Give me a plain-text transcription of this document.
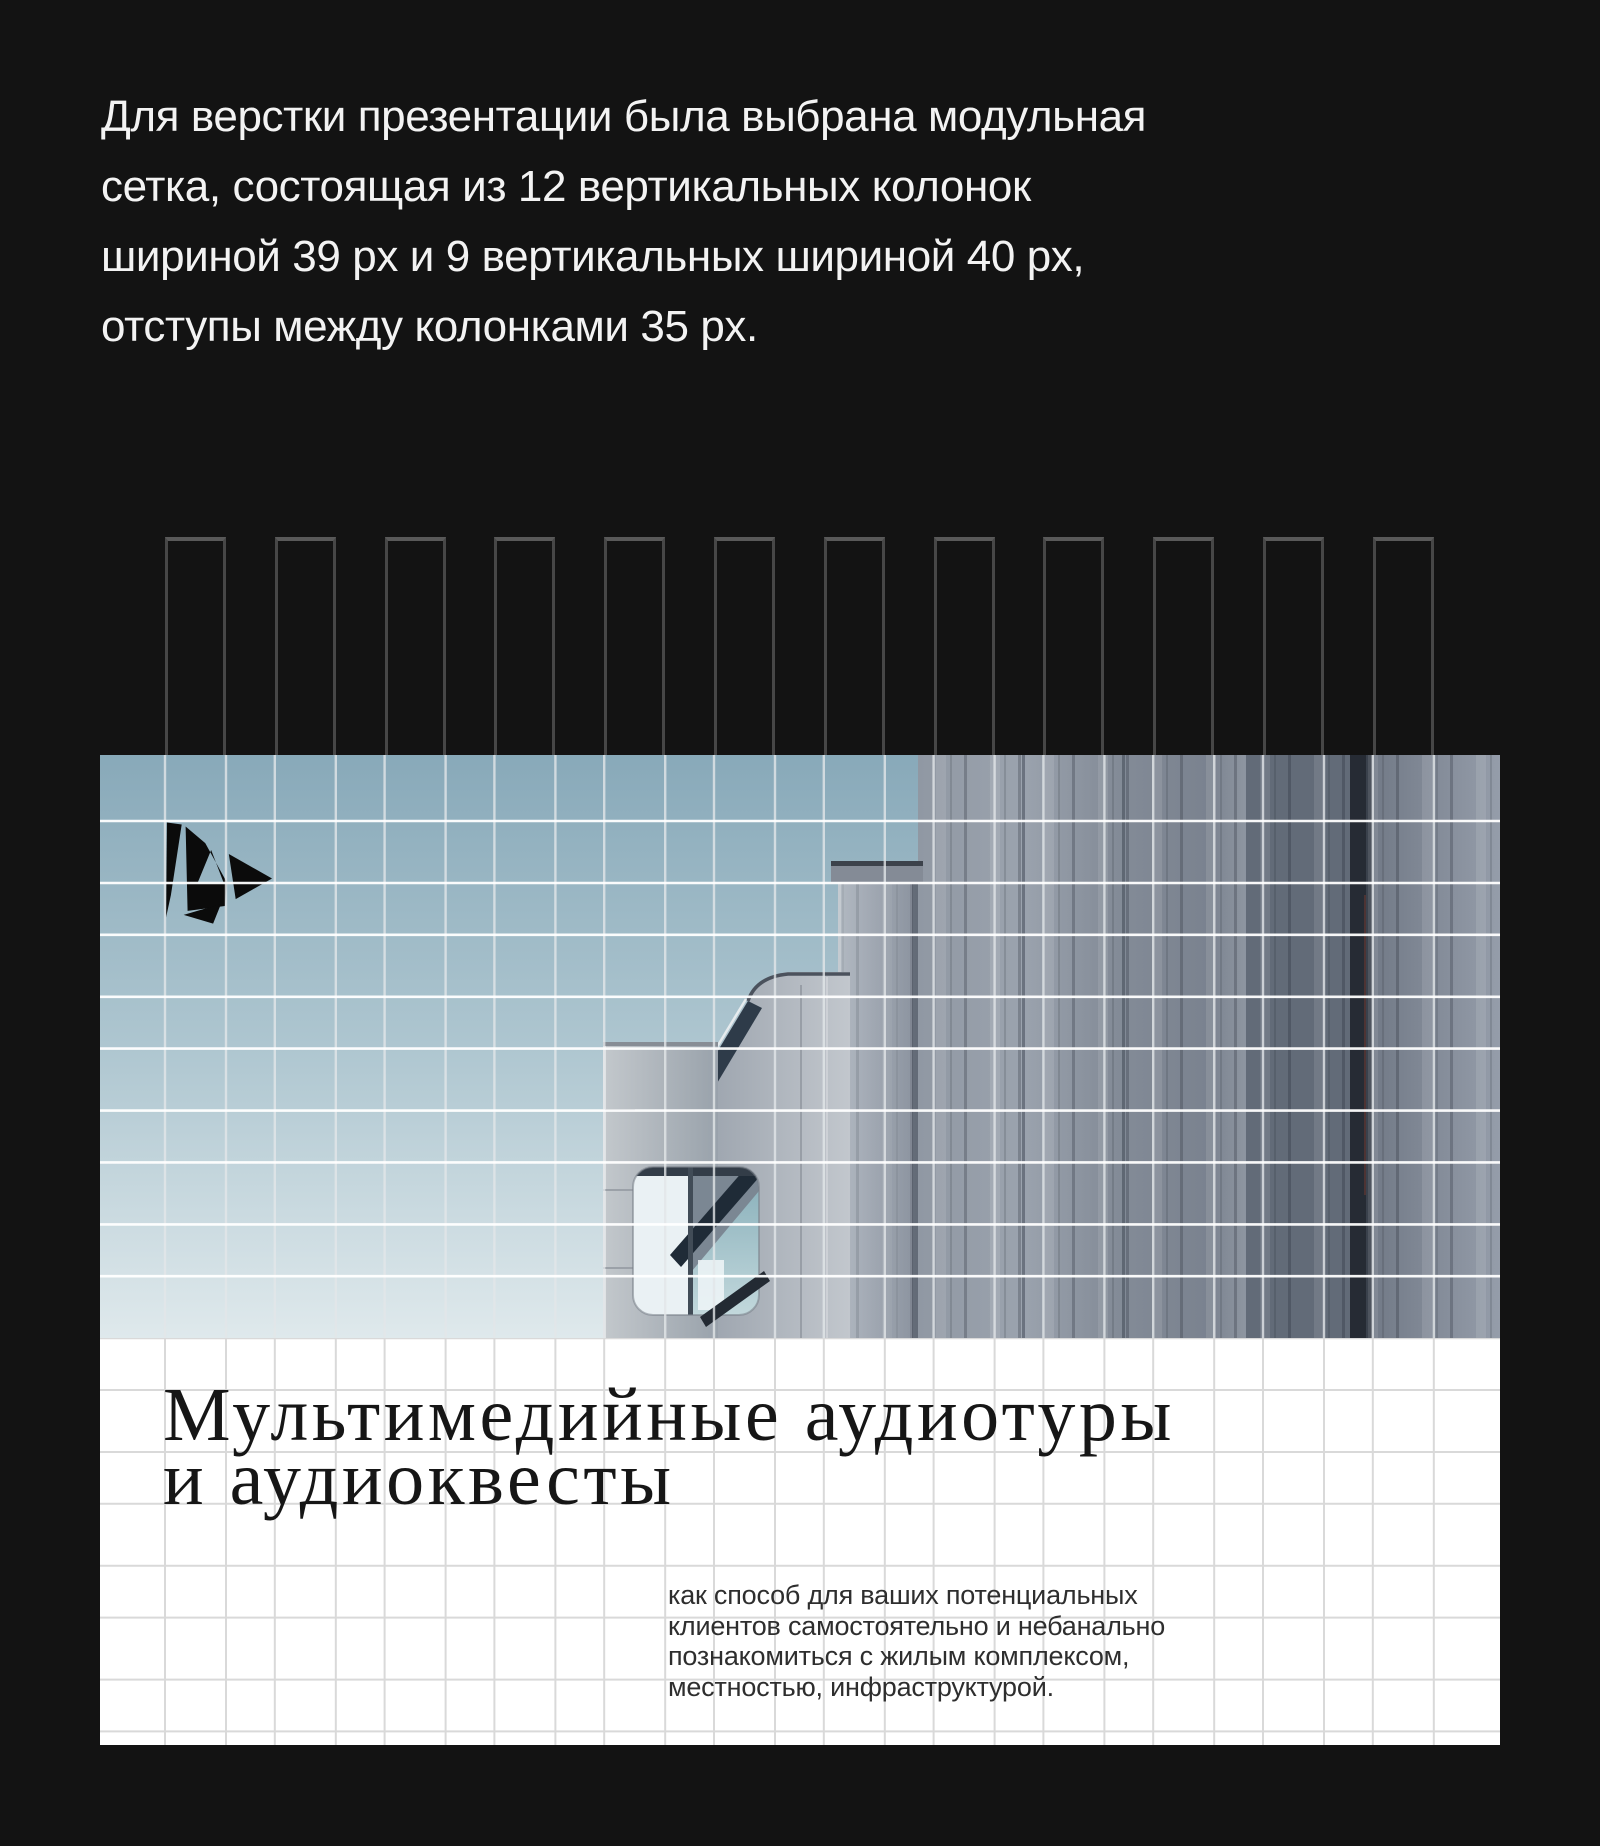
Для верстки презентации была выбрана модульная
сетка, состоящая из 12 вертикальных колонок
шириной 39 px и 9 вертикальных шириной 40 px,
отступы между колонками 35 px.
Мультимедийные аудиотуры
и аудиоквесты
как способ для ваших потенциальных
клиентов самостоятельно и небанально
познакомиться с жилым комплексом,
местностью, инфраструктурой.
